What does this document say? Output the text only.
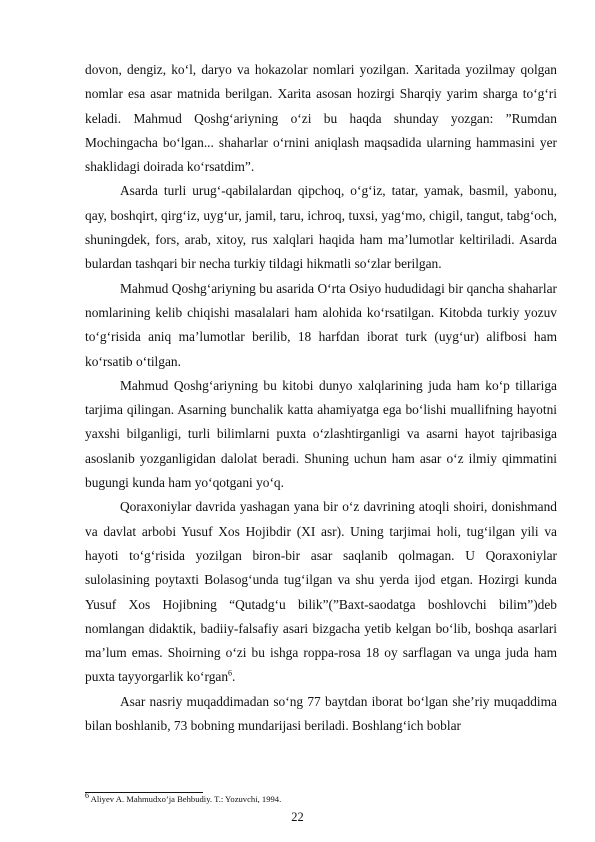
dovon, dengiz, ko‘l, daryo va hokazolar nomlari yozilgan. Xaritada yozilmay qolgan nomlar esa asar matnida berilgan. Xarita asosan hozirgi Sharqiy yarim sharga to‘g‘ri keladi. Mahmud Qoshg‘ariyning o‘zi bu haqda shunday yozgan: ”Rumdan Mochingacha bo‘lgan... shaharlar o‘rnini aniqlash maqsadida ularning hammasini yer shaklidagi doirada ko‘rsatdim”.

Asarda turli urug‘-qabilalardan qipchoq, o‘g‘iz, tatar, yamak, basmil, yabonu, qay, boshqirt, qirg‘iz, uyg‘ur, jamil, taru, ichroq, tuxsi, yag‘mo, chigil, tangut, tabg‘och, shuningdek, fors, arab, xitoy, rus xalqlari haqida ham ma’lumotlar keltiriladi. Asarda bulardan tashqari bir necha turkiy tildagi hikmatli so‘zlar berilgan.

Mahmud Qoshg‘ariyning bu asarida O‘rta Osiyo hududidagi bir qancha shaharlar nomlarining kelib chiqishi masalalari ham alohida ko‘rsatilgan. Kitobda turkiy yozuv to‘g‘risida aniq ma’lumotlar berilib, 18 harfdan iborat turk (uyg‘ur) alifbosi ham ko‘rsatib o‘tilgan.

Mahmud Qoshg‘ariyning bu kitobi dunyo xalqlarining juda ham ko‘p tillariga tarjima qilingan. Asarning bunchalik katta ahamiyatga ega bo‘lishi muallifning hayotni yaxshi bilganligi, turli bilimlarni puxta o‘zlashtirganligi va asarni hayot tajribasiga asoslanib yozganligidan dalolat beradi. Shuning uchun ham asar o‘z ilmiy qimmatini bugungi kunda ham yo‘qotgani yo‘q.

Qoraxoniylar davrida yashagan yana bir o‘z davrining atoqli shoiri, donishmand va davlat arbobi Yusuf Xos Hojibdir (XI asr). Uning tarjimai holi, tug‘ilgan yili va hayoti to‘g‘risida yozilgan biron-bir asar saqlanib qolmagan. U Qoraxoniylar sulolasining poytaxti Bolasog‘unda tug‘ilgan va shu yerda ijod etgan. Hozirgi kunda Yusuf Xos Hojibning “Qutadg‘u bilik”(”Baxt-saodatga boshlovchi bilim”)deb nomlangan didaktik, badiiy-falsafiy asari bizgacha yetib kelgan bo‘lib, boshqa asarlari ma’lum emas. Shoirning o‘zi bu ishga roppa-rosa 18 oy sarflagan va unga juda ham puxta tayyorgarlik ko‘rgan$^6$.

Asar nasriy muqaddimadan so‘ng 77 baytdan iborat bo‘lgan she’riy muqaddima bilan boshlanib, 73 bobning mundarijasi beriladi. Boshlang‘ich boblar

$^6$ Aliyev A. Mahmudxo’ja Behbudiy. T.: Yozuvchi, 1994.
22
